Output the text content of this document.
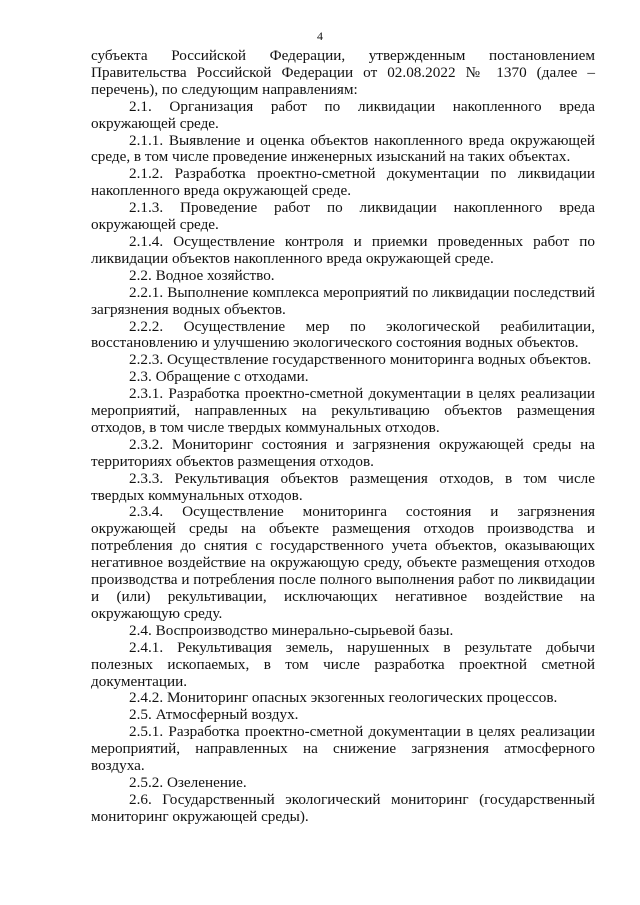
4

субъекта Российской Федерации, утвержденным постановлением Правительства Российской Федерации от 02.08.2022 № 1370 (далее – перечень), по следующим направлениям:

2.1. Организация работ по ликвидации накопленного вреда окружающей среде.

2.1.1. Выявление и оценка объектов накопленного вреда окружающей среде, в том числе проведение инженерных изысканий на таких объектах.

2.1.2. Разработка проектно-сметной документации по ликвидации накопленного вреда окружающей среде.

2.1.3. Проведение работ по ликвидации накопленного вреда окружающей среде.

2.1.4. Осуществление контроля и приемки проведенных работ по ликвидации объектов накопленного вреда окружающей среде.

2.2. Водное хозяйство.

2.2.1. Выполнение комплекса мероприятий по ликвидации последствий загрязнения водных объектов.

2.2.2. Осуществление мер по экологической реабилитации, восстановлению и улучшению экологического состояния водных объектов.

2.2.3. Осуществление государственного мониторинга водных объектов.

2.3. Обращение с отходами.

2.3.1. Разработка проектно-сметной документации в целях реализации мероприятий, направленных на рекультивацию объектов размещения отходов, в том числе твердых коммунальных отходов.

2.3.2. Мониторинг состояния и загрязнения окружающей среды на территориях объектов размещения отходов.

2.3.3. Рекультивация объектов размещения отходов, в том числе твердых коммунальных отходов.

2.3.4. Осуществление мониторинга состояния и загрязнения окружающей среды на объекте размещения отходов производства и потребления до снятия с государственного учета объектов, оказывающих негативное воздействие на окружающую среду, объекте размещения отходов производства и потребления после полного выполнения работ по ликвидации и (или) рекультивации, исключающих негативное воздействие на окружающую среду.

2.4. Воспроизводство минерально-сырьевой базы.

2.4.1. Рекультивация земель, нарушенных в результате добычи полезных ископаемых, в том числе разработка проектной сметной документации.

2.4.2. Мониторинг опасных экзогенных геологических процессов.

2.5. Атмосферный воздух.

2.5.1. Разработка проектно-сметной документации в целях реализации мероприятий, направленных на снижение загрязнения атмосферного воздуха.

2.5.2. Озеленение.

2.6. Государственный экологический мониторинг (государственный мониторинг окружающей среды).
